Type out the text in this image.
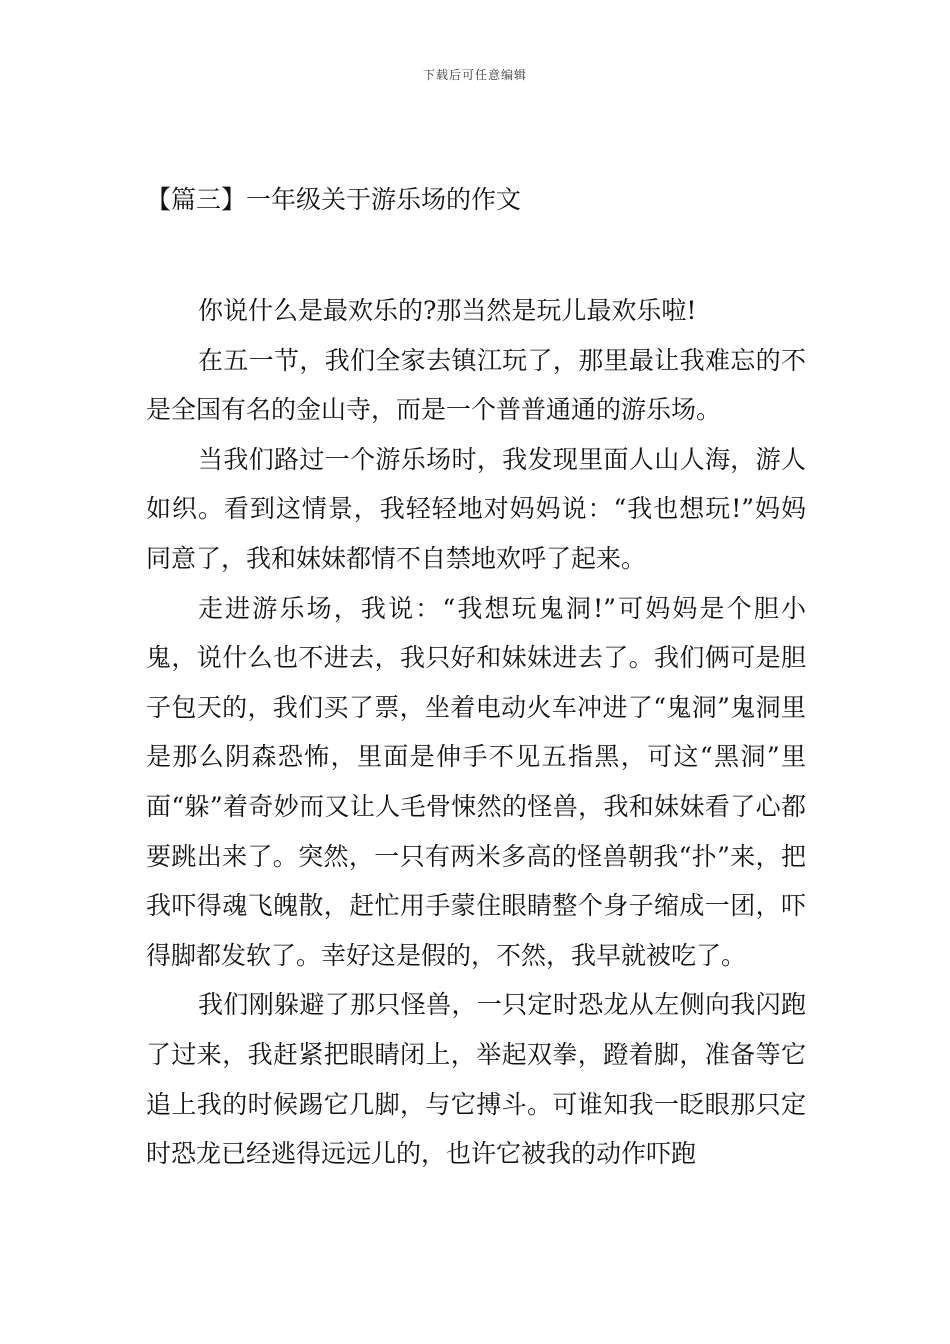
下载后可任意编辑
【篇三】一年级关于游乐场的作文

你说什么是最欢乐的?那当然是玩儿最欢乐啦!

在五一节，我们全家去镇江玩了，那里最让我难忘的不是全国有名的金山寺，而是一个普普通通的游乐场。

当我们路过一个游乐场时，我发现里面人山人海，游人如织。看到这情景，我轻轻地对妈妈说：“我也想玩!”妈妈同意了，我和妹妹都情不自禁地欢呼了起来。

走进游乐场，我说：“我想玩鬼洞!”可妈妈是个胆小鬼，说什么也不进去，我只好和妹妹进去了。我们俩可是胆子包天的，我们买了票，坐着电动火车冲进了“鬼洞”鬼洞里是那么阴森恐怖，里面是伸手不见五指黑，可这“黑洞”里面“躲”着奇妙而又让人毛骨悚然的怪兽，我和妹妹看了心都要跳出来了。突然，一只有两米多高的怪兽朝我“扑”来，把我吓得魂飞魄散，赶忙用手蒙住眼睛整个身子缩成一团，吓得脚都发软了。幸好这是假的，不然，我早就被吃了。

我们刚躲避了那只怪兽，一只定时恐龙从左侧向我闪跑了过来，我赶紧把眼睛闭上，举起双拳，蹬着脚，准备等它追上我的时候踢它几脚，与它搏斗。可谁知我一眨眼那只定时恐龙已经逃得远远儿的，也许它被我的动作吓跑
